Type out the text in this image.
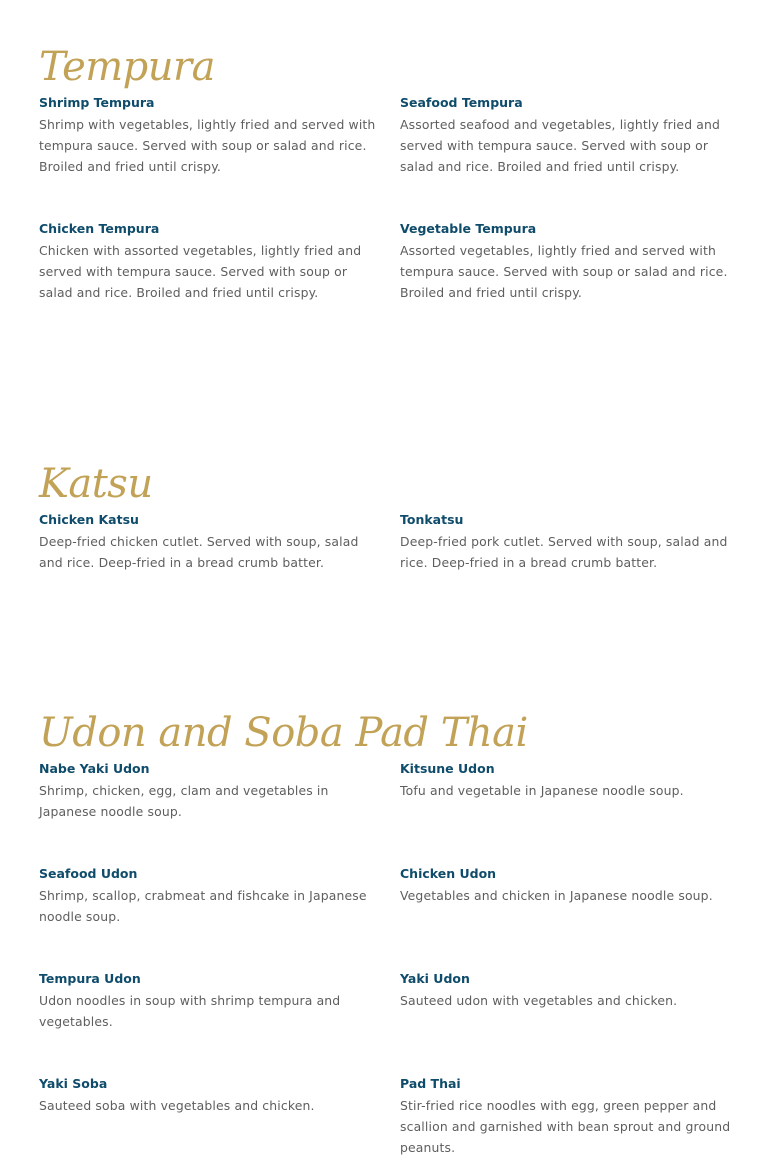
Tempura
Shrimp Tempura
Shrimp with vegetables, lightly fried and served with tempura sauce. Served with soup or salad and rice. Broiled and fried until crispy.
Seafood Tempura
Assorted seafood and vegetables, lightly fried and served with tempura sauce. Served with soup or salad and rice. Broiled and fried until crispy.
Chicken Tempura
Chicken with assorted vegetables, lightly fried and served with tempura sauce. Served with soup or salad and rice. Broiled and fried until crispy.
Vegetable Tempura
Assorted vegetables, lightly fried and served with tempura sauce. Served with soup or salad and rice. Broiled and fried until crispy.
Katsu
Chicken Katsu
Deep-fried chicken cutlet. Served with soup, salad and rice. Deep-fried in a bread crumb batter.
Tonkatsu
Deep-fried pork cutlet. Served with soup, salad and rice. Deep-fried in a bread crumb batter.
Udon and Soba Pad Thai
Nabe Yaki Udon
Shrimp, chicken, egg, clam and vegetables in Japanese noodle soup.
Kitsune Udon
Tofu and vegetable in Japanese noodle soup.
Seafood Udon
Shrimp, scallop, crabmeat and fishcake in Japanese noodle soup.
Chicken Udon
Vegetables and chicken in Japanese noodle soup.
Tempura Udon
Udon noodles in soup with shrimp tempura and vegetables.
Yaki Udon
Sauteed udon with vegetables and chicken.
Yaki Soba
Sauteed soba with vegetables and chicken.
Pad Thai
Stir-fried rice noodles with egg, green pepper and scallion and garnished with bean sprout and ground peanuts.
